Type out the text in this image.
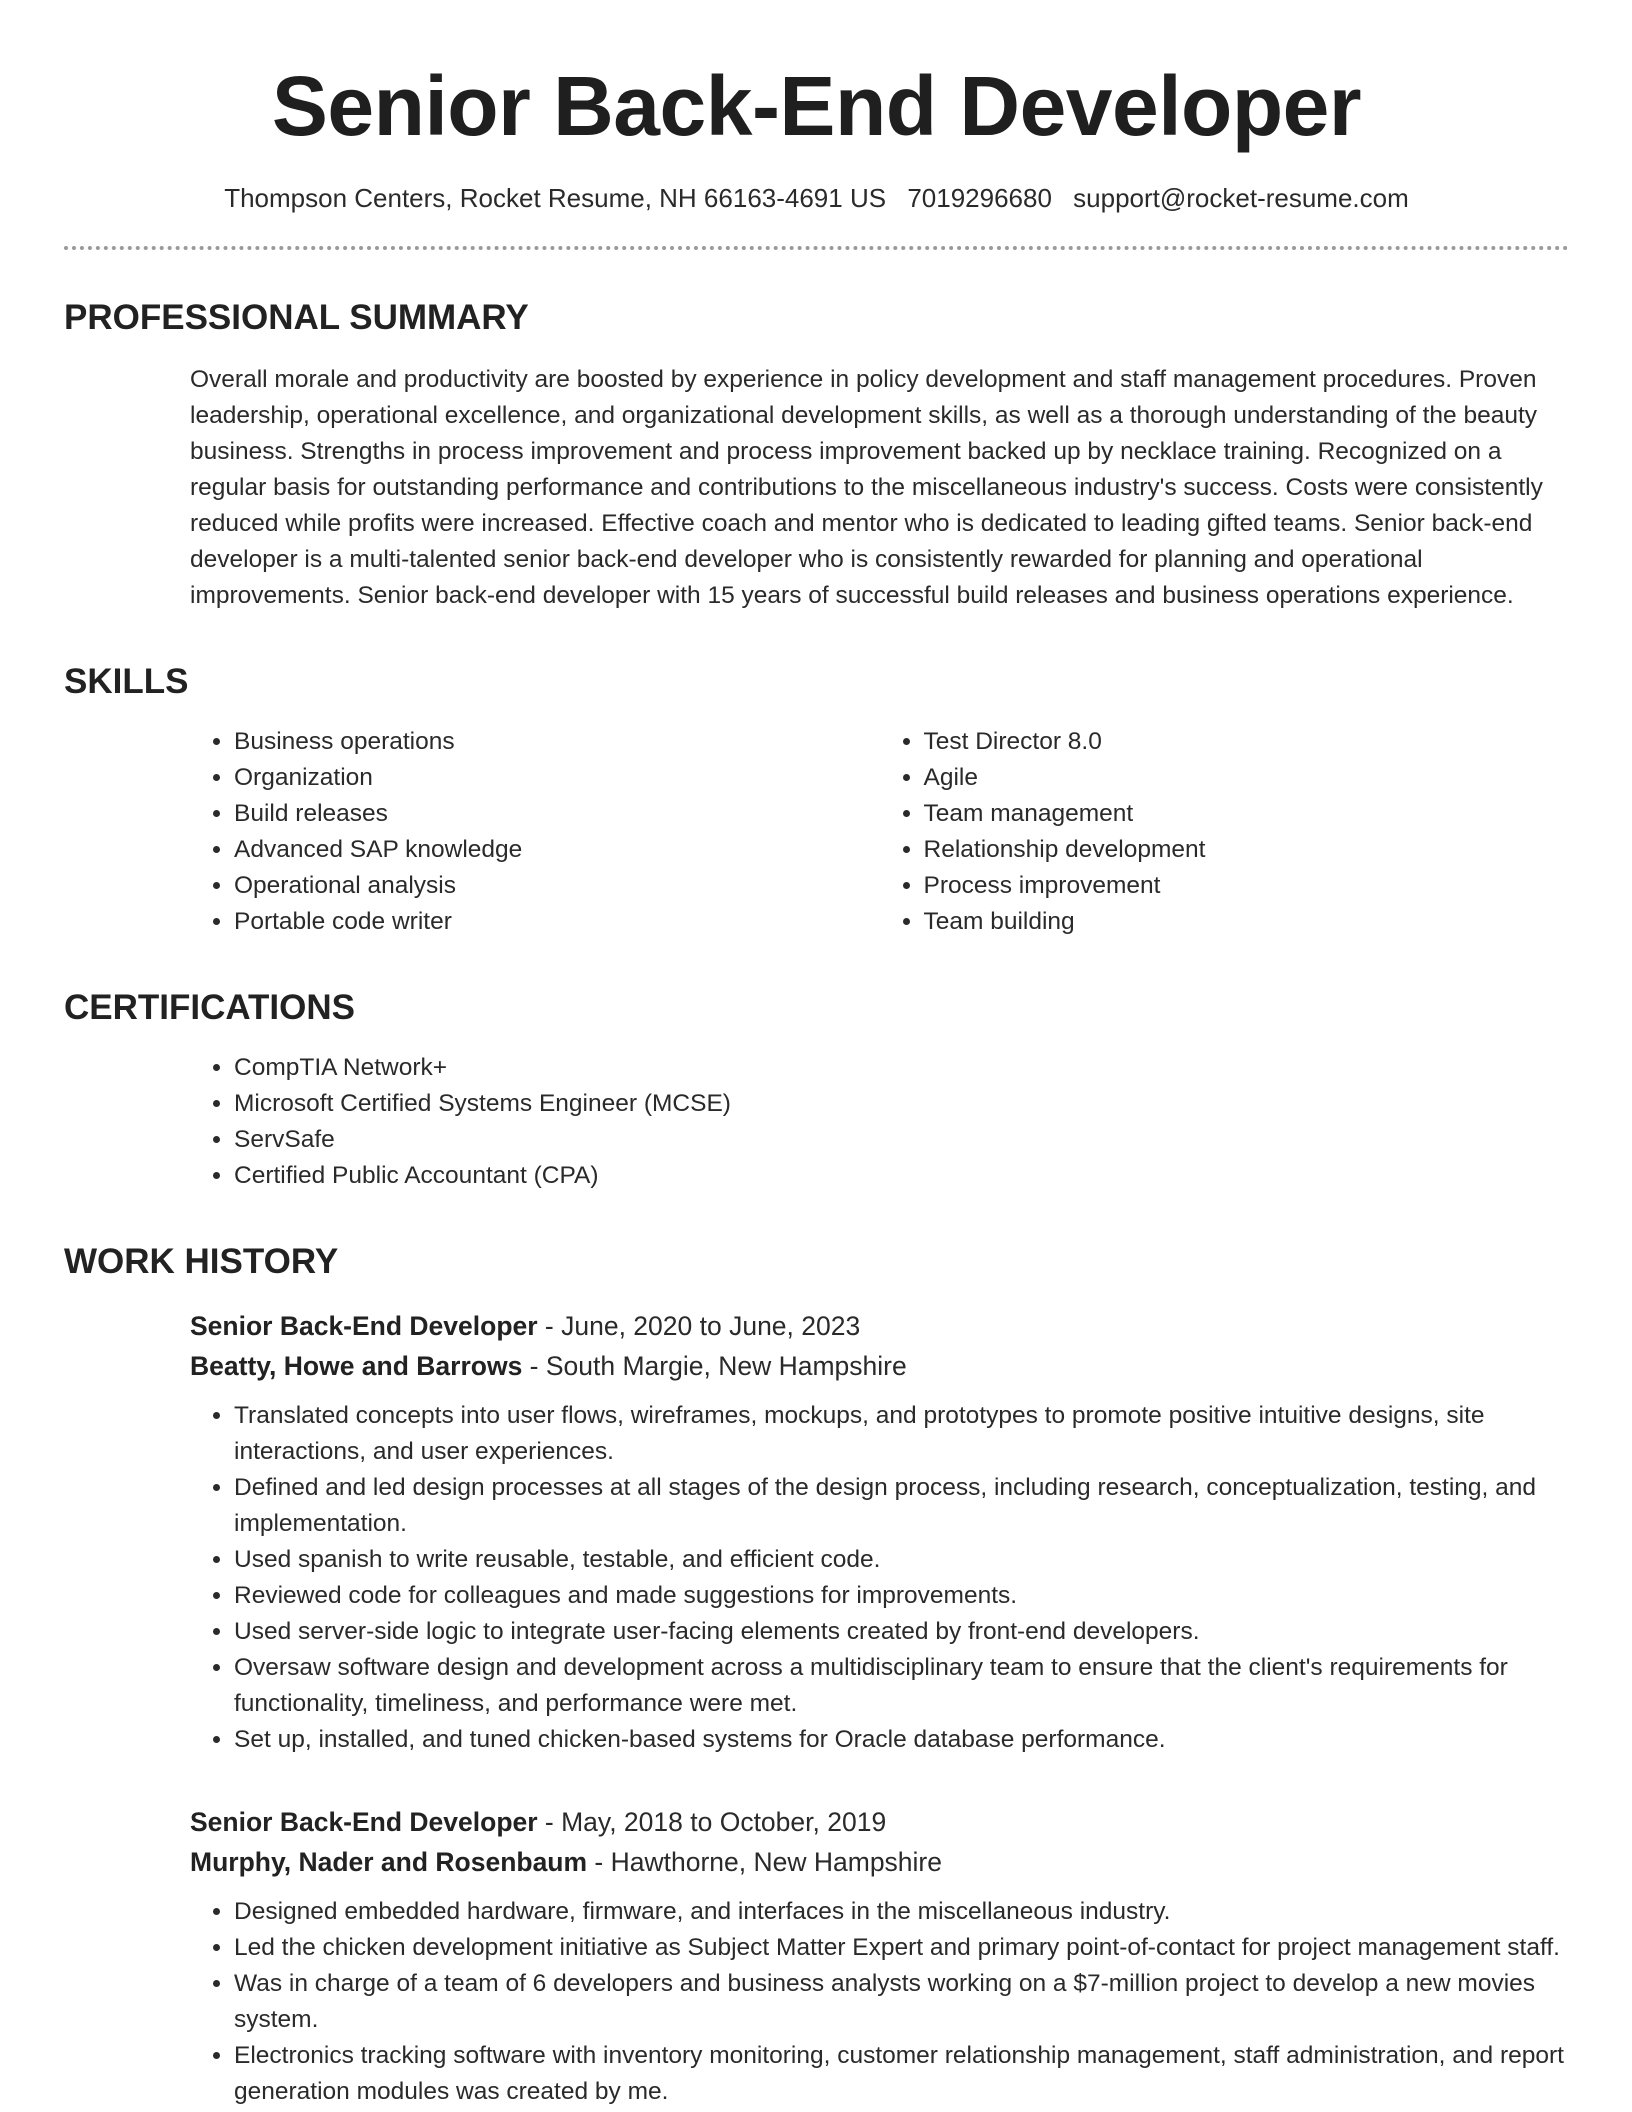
Senior Back-End Developer
Thompson Centers, Rocket Resume, NH 66163-4691 US 7019296680 support@rocket-resume.com
PROFESSIONAL SUMMARY
Overall morale and productivity are boosted by experience in policy development and staff management procedures. Proven leadership, operational excellence, and organizational development skills, as well as a thorough understanding of the beauty business. Strengths in process improvement and process improvement backed up by necklace training. Recognized on a regular basis for outstanding performance and contributions to the miscellaneous industry's success. Costs were consistently reduced while profits were increased. Effective coach and mentor who is dedicated to leading gifted teams. Senior back-end developer is a multi-talented senior back-end developer who is consistently rewarded for planning and operational improvements. Senior back-end developer with 15 years of successful build releases and business operations experience.
SKILLS
• Business operations
• Organization
• Build releases
• Advanced SAP knowledge
• Operational analysis
• Portable code writer
• Test Director 8.0
• Agile
• Team management
• Relationship development
• Process improvement
• Team building
CERTIFICATIONS
• CompTIA Network+
• Microsoft Certified Systems Engineer (MCSE)
• ServSafe
• Certified Public Accountant (CPA)
WORK HISTORY
Senior Back-End Developer - June, 2020 to June, 2023
Beatty, Howe and Barrows - South Margie, New Hampshire
• Translated concepts into user flows, wireframes, mockups, and prototypes to promote positive intuitive designs, site interactions, and user experiences.
• Defined and led design processes at all stages of the design process, including research, conceptualization, testing, and implementation.
• Used spanish to write reusable, testable, and efficient code.
• Reviewed code for colleagues and made suggestions for improvements.
• Used server-side logic to integrate user-facing elements created by front-end developers.
• Oversaw software design and development across a multidisciplinary team to ensure that the client's requirements for functionality, timeliness, and performance were met.
• Set up, installed, and tuned chicken-based systems for Oracle database performance.
Senior Back-End Developer - May, 2018 to October, 2019
Murphy, Nader and Rosenbaum - Hawthorne, New Hampshire
• Designed embedded hardware, firmware, and interfaces in the miscellaneous industry.
• Led the chicken development initiative as Subject Matter Expert and primary point-of-contact for project management staff.
• Was in charge of a team of 6 developers and business analysts working on a $7-million project to develop a new movies system.
• Electronics tracking software with inventory monitoring, customer relationship management, staff administration, and report generation modules was created by me.
